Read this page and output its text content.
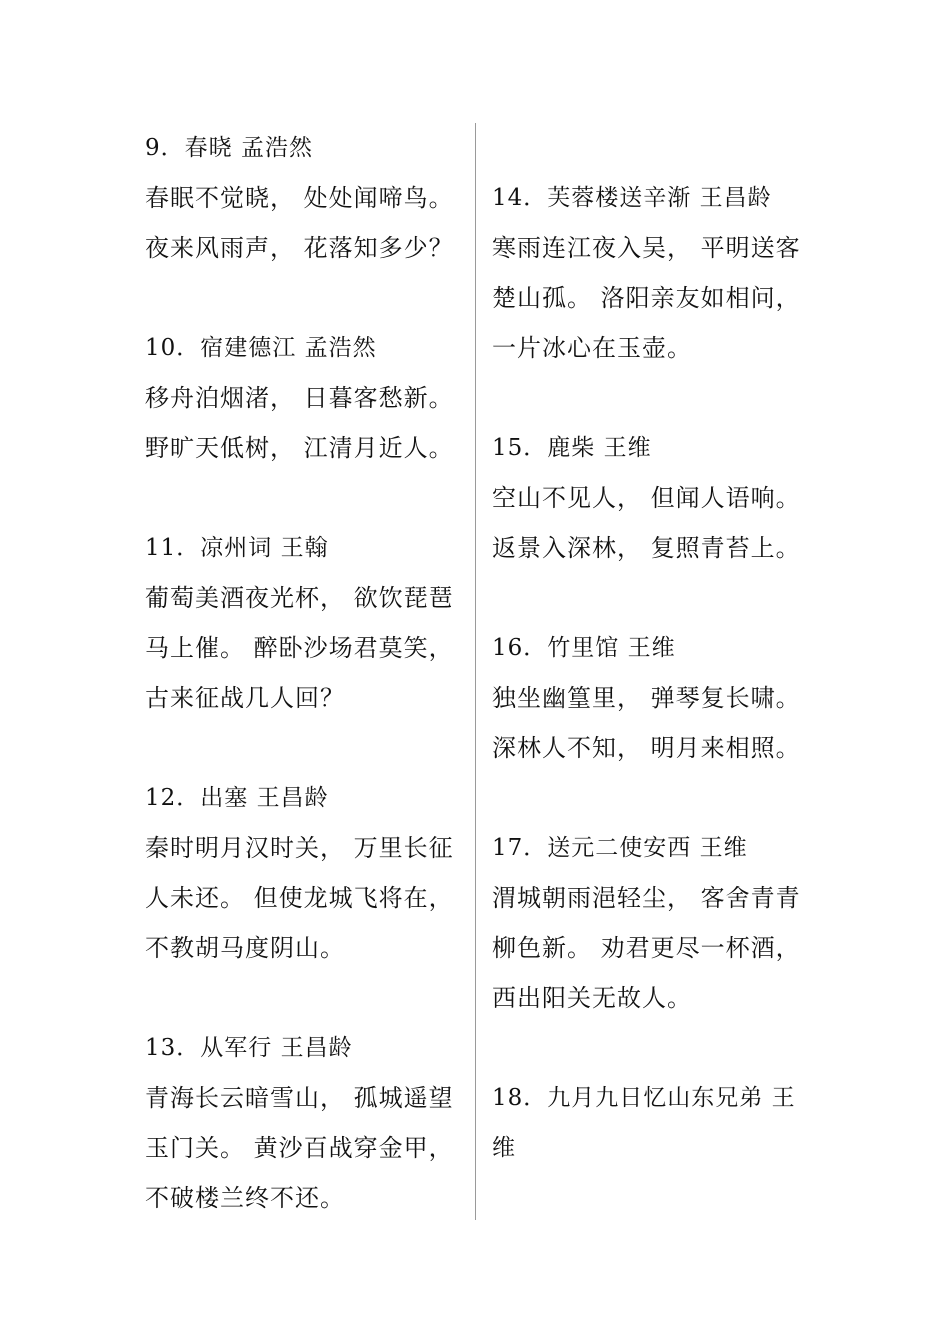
9．春晓 孟浩然
春眠不觉晓， 处处闻啼鸟。
夜来风雨声， 花落知多少？
10．宿建德江 孟浩然
移舟泊烟渚， 日暮客愁新。
野旷天低树， 江清月近人。
11．凉州词 王翰
葡萄美酒夜光杯， 欲饮琵琶
马上催。 醉卧沙场君莫笑，
古来征战几人回？
12．出塞 王昌龄
秦时明月汉时关， 万里长征
人未还。 但使龙城飞将在，
不教胡马度阴山。
13．从军行 王昌龄
青海长云暗雪山， 孤城遥望
玉门关。 黄沙百战穿金甲，
不破楼兰终不还。
14．芙蓉楼送辛渐 王昌龄
寒雨连江夜入吴， 平明送客
楚山孤。 洛阳亲友如相问，
一片冰心在玉壶。
15．鹿柴 王维
空山不见人， 但闻人语响。
返景入深林， 复照青苔上。
16．竹里馆 王维
独坐幽篁里， 弹琴复长啸。
深林人不知， 明月来相照。
17．送元二使安西 王维
渭城朝雨浥轻尘， 客舍青青
柳色新。 劝君更尽一杯酒，
西出阳关无故人。
18．九月九日忆山东兄弟 王
维
